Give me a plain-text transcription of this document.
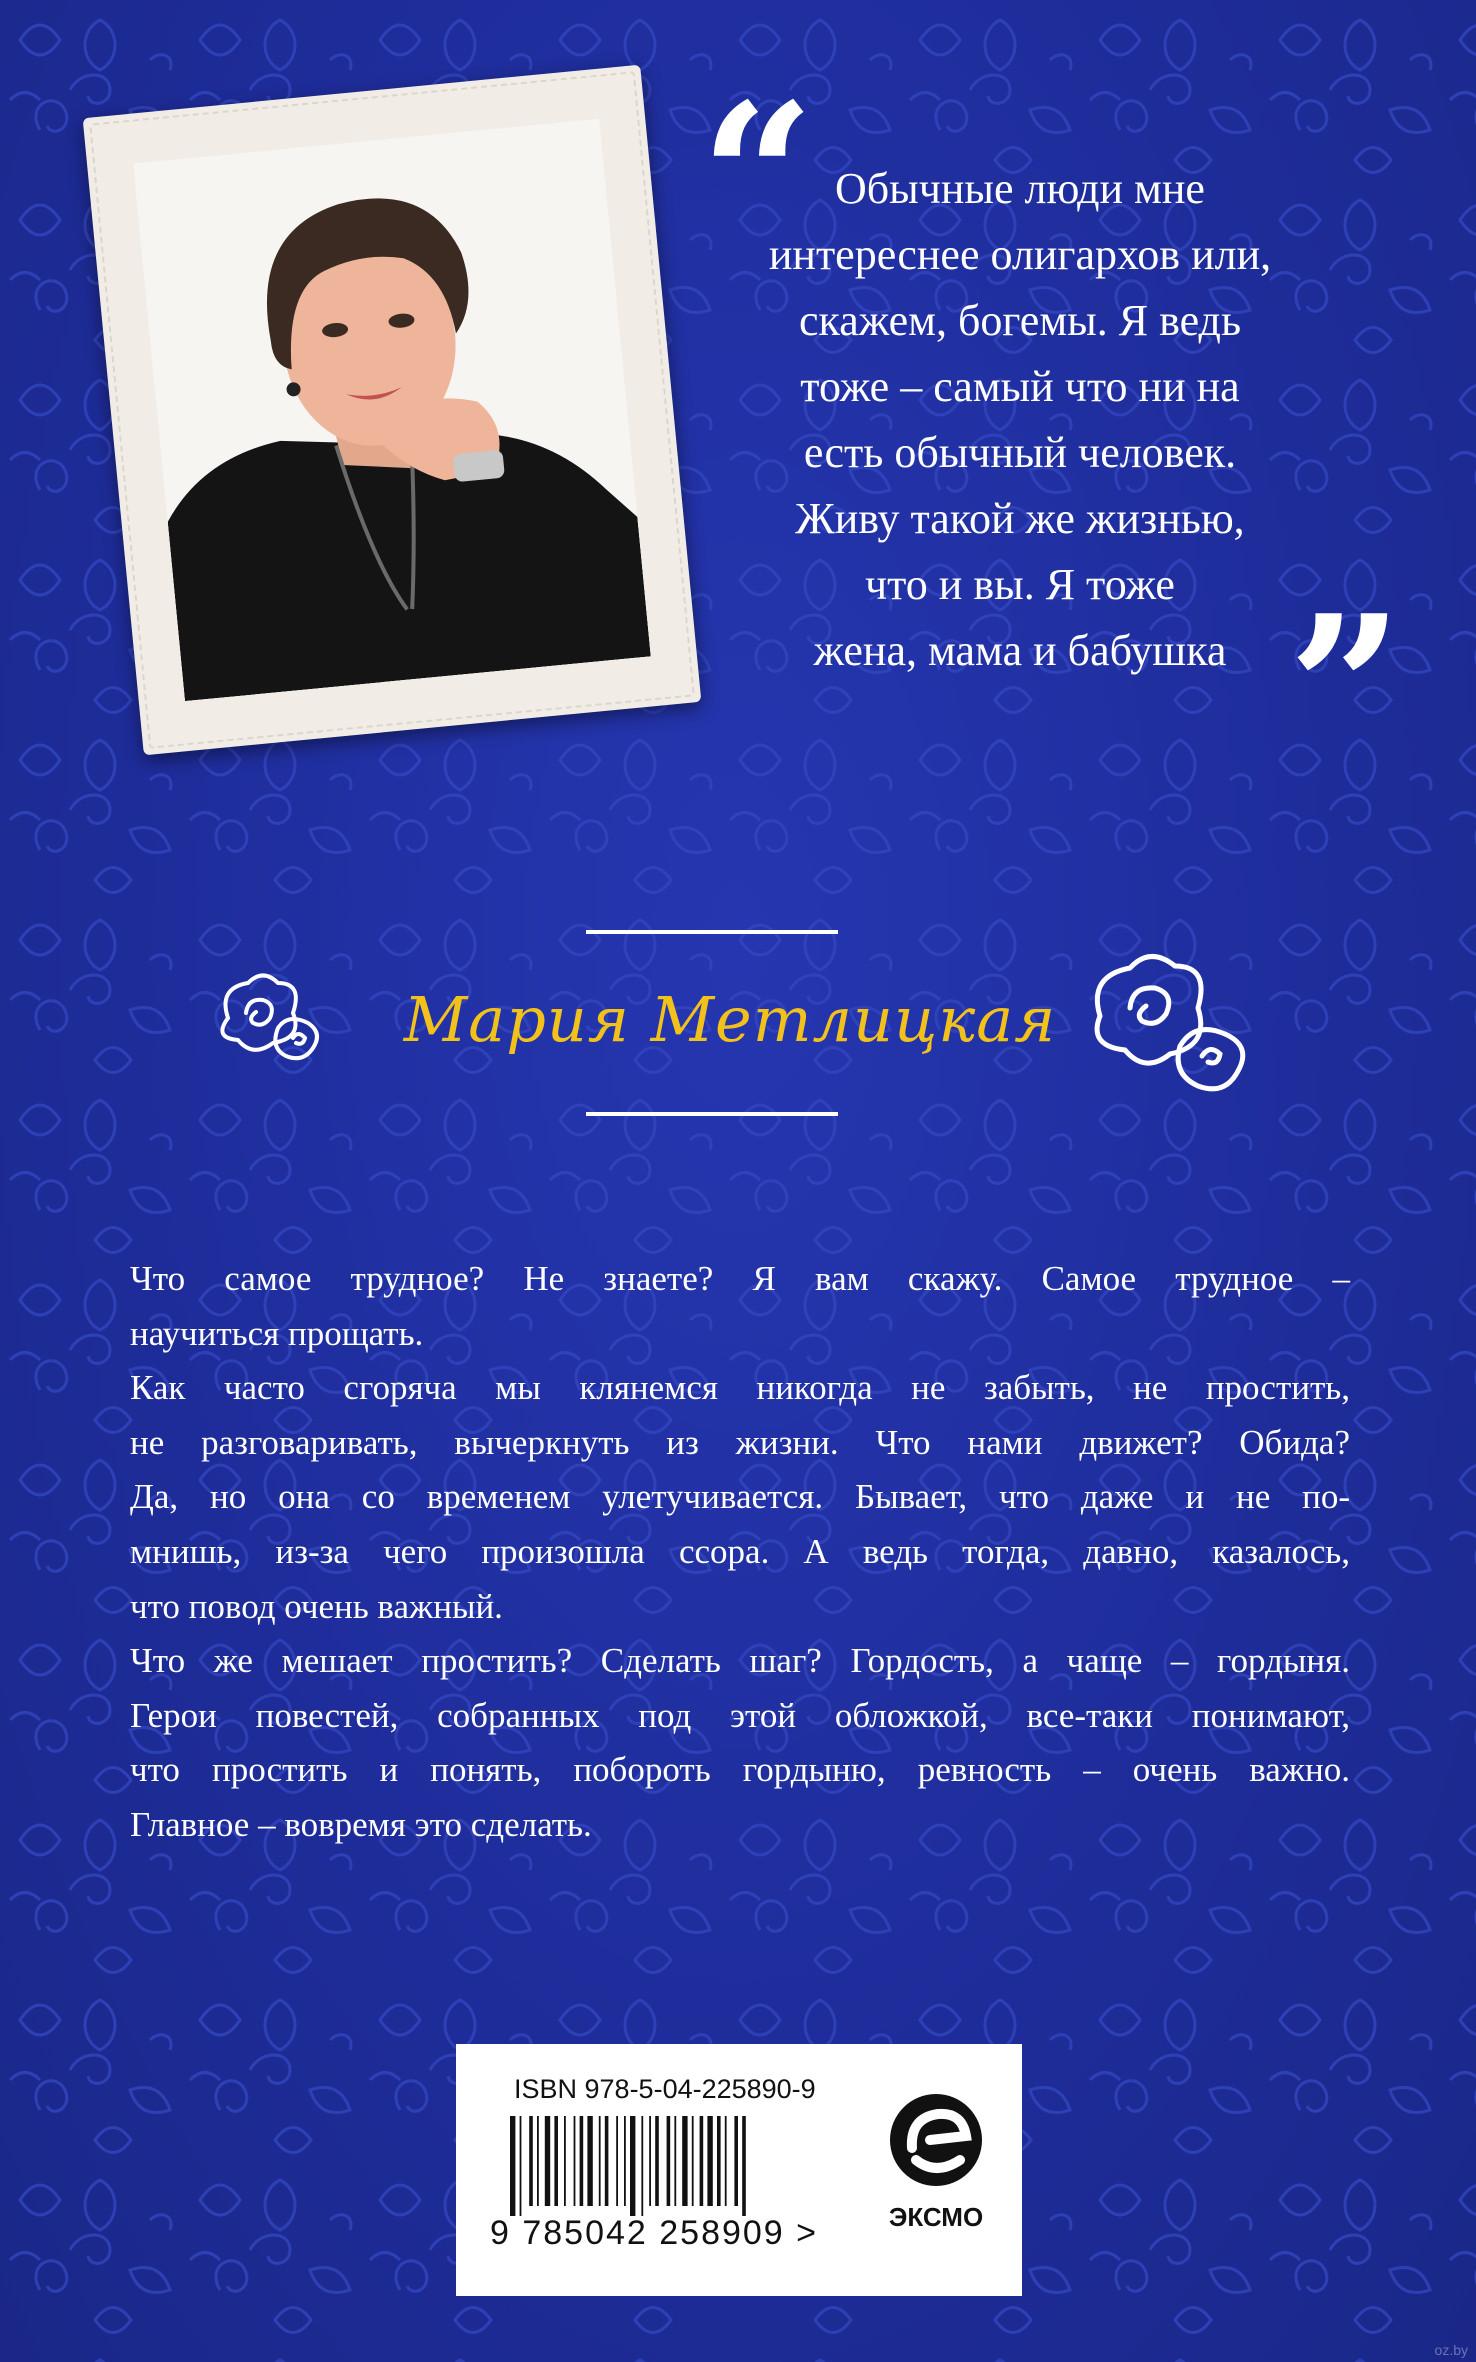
“ Обычные люди мне
интереснее олигархов или,
скажем, богемы. Я ведь
тоже – самый что ни на
есть обычный человек.
Живу такой же жизнью,
что и вы. Я тоже
жена, мама и бабушка ”
Мария Метлицкая
Что самое трудное? Не знаете? Я вам скажу. Самое трудное –
научиться прощать.
Как часто сгоряча мы клянемся никогда не забыть, не простить,
не разговаривать, вычеркнуть из жизни. Что нами движет? Обида?
Да, но она со временем улетучивается. Бывает, что даже и не по-
мнишь, из-за чего произошла ссора. А ведь тогда, давно, казалось,
что повод очень важный.
Что же мешает простить? Сделать шаг? Гордость, а чаще – гордыня.
Герои повестей, собранных под этой обложкой, все-таки понимают,
что простить и понять, побороть гордыню, ревность – очень важно.
Главное – вовремя это сделать.
ISBN 978-5-04-225890-9
9 785042 258909 >	ЭКСМО
oz.by
